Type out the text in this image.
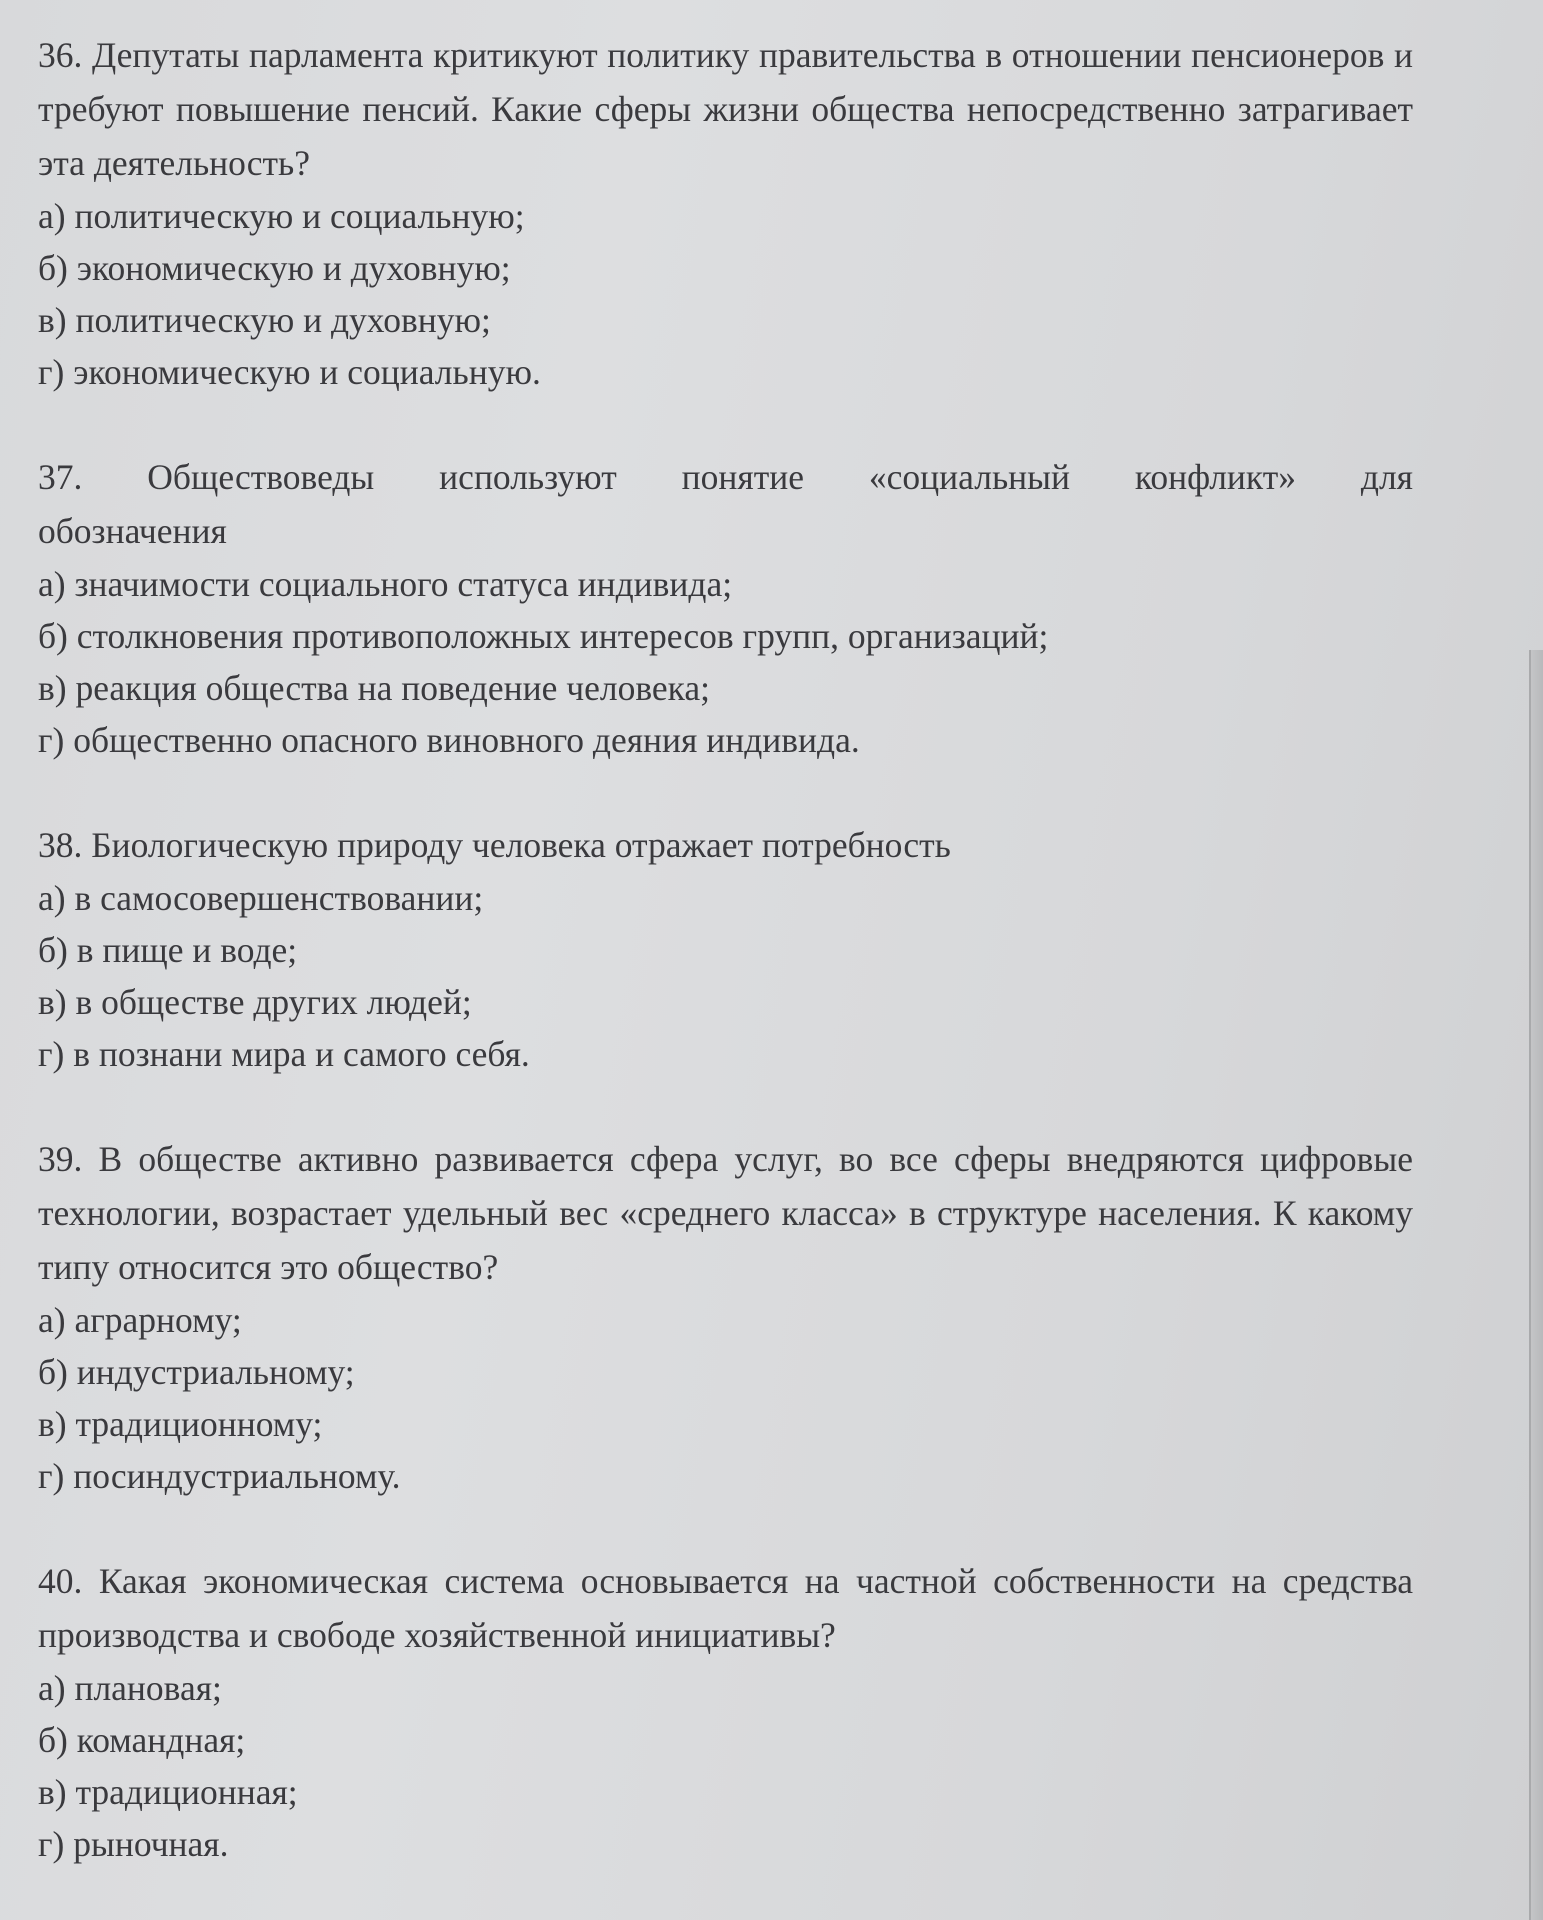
36. Депутаты парламента критикуют политику правительства в отношении пенсионеров и требуют повышение пенсий. Какие сферы жизни общества непосредственно затрагивает эта деятельность?

а) политическую и социальную;
б) экономическую и духовную;
в) политическую и духовную;
г) экономическую и социальную.

37. Обществоведы используют понятие «социальный конфликт» для обозначения

а) значимости социального статуса индивида;
б) столкновения противоположных интересов групп, организаций;
в) реакция общества на поведение человека;
г) общественно опасного виновного деяния индивида.

38. Биологическую природу человека отражает потребность

а) в самосовершенствовании;
б) в пище и воде;
в) в обществе других людей;
г) в познани мира и самого себя.

39. В обществе активно развивается сфера услуг, во все сферы внедряются цифровые технологии, возрастает удельный вес «среднего класса» в структуре населения. К какому типу относится это общество?

а) аграрному;
б) индустриальному;
в) традиционному;
г) посиндустриальному.

40. Какая экономическая система основывается на частной собственности на средства производства и свободе хозяйственной инициативы?

а) плановая;
б) командная;
в) традиционная;
г) рыночная.
